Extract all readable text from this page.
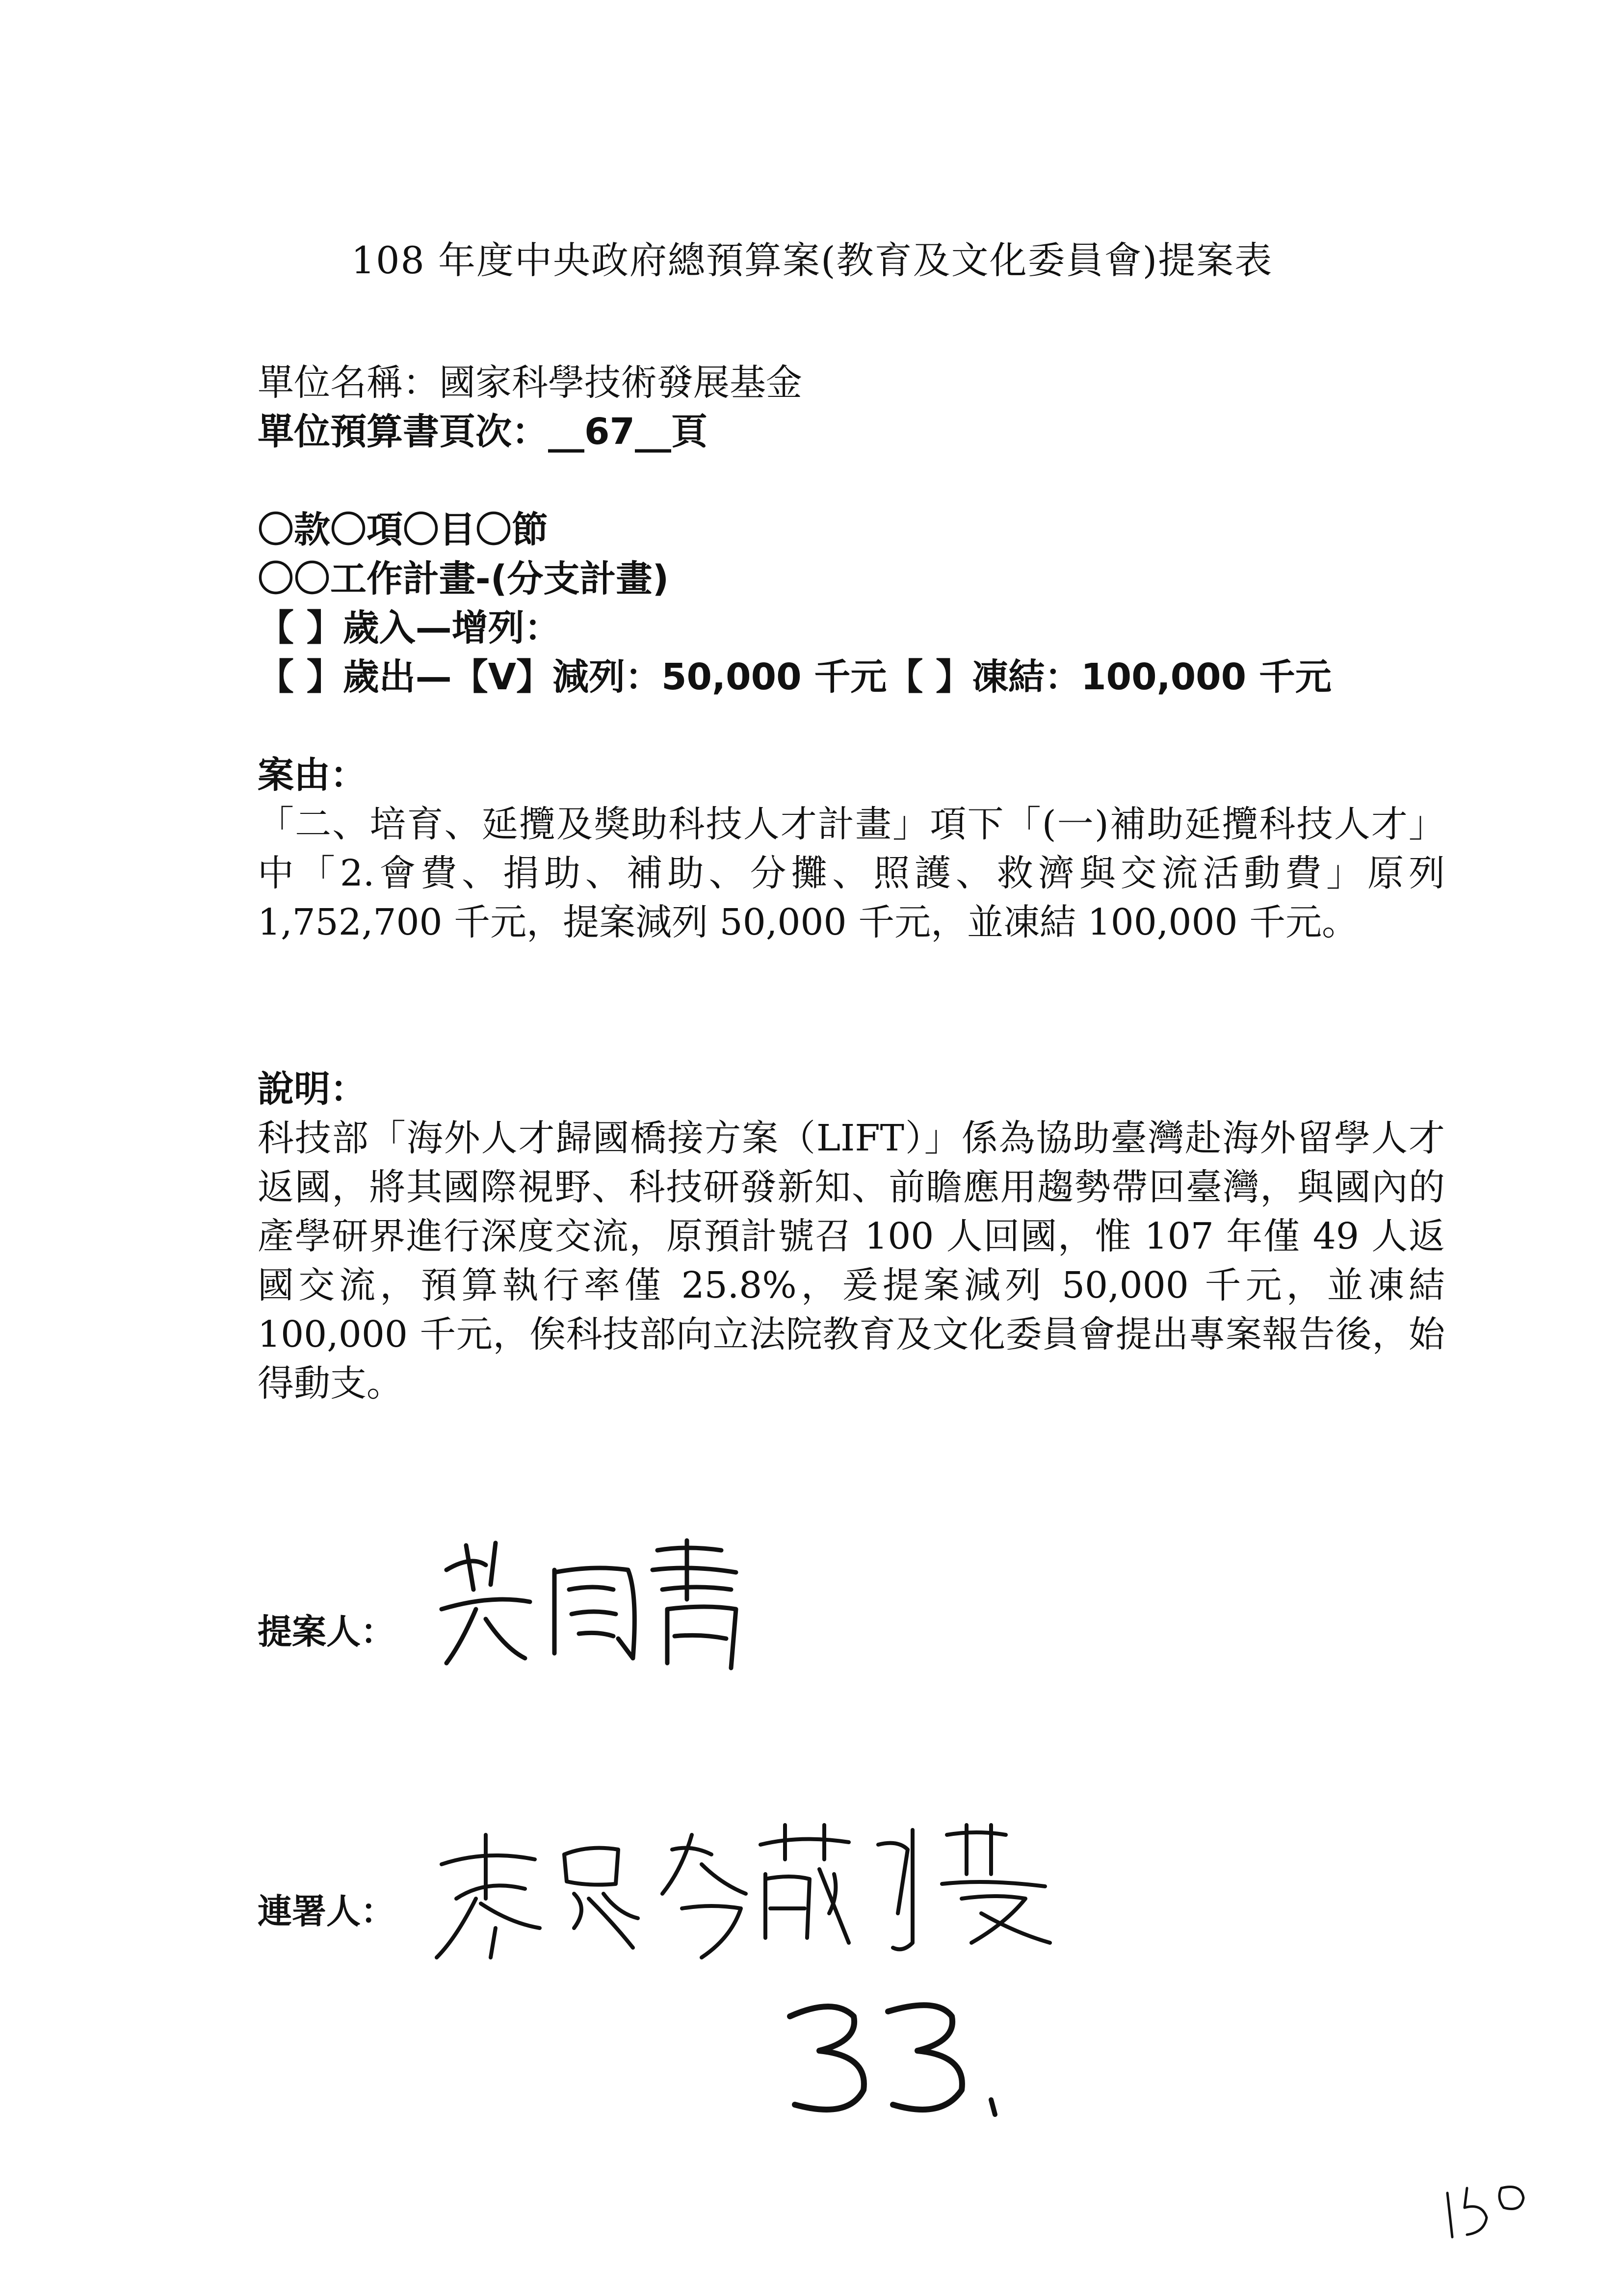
108 年度中央政府總預算案(教育及文化委員會)提案表
單位名稱：國家科學技術發展基金
單位預算書頁次：__67__頁
〇款〇項〇目〇節
〇〇工作計畫-(分支計畫)
【 】歲入—增列：
【 】歲出—【V】減列：50,000 千元【 】凍結：100,000 千元
案由：
「二、培育、延攬及獎助科技人才計畫」項下「(一)補助延攬科技人才」中「2.會費、捐助、補助、分攤、照護、救濟與交流活動費」原列 1,752,700 千元，提案減列 50,000 千元，並凍結 100,000 千元。
說明：
科技部「海外人才歸國橋接方案（LIFT）」係為協助臺灣赴海外留學人才返國，將其國際視野、科技研發新知、前瞻應用趨勢帶回臺灣，與國內的產學研界進行深度交流，原預計號召 100 人回國，惟 107 年僅 49 人返國交流，預算執行率僅 25.8%，爰提案減列 50,000 千元，並凍結 100,000 千元，俟科技部向立法院教育及文化委員會提出專案報告後，始得動支。
提案人：
連署人：
